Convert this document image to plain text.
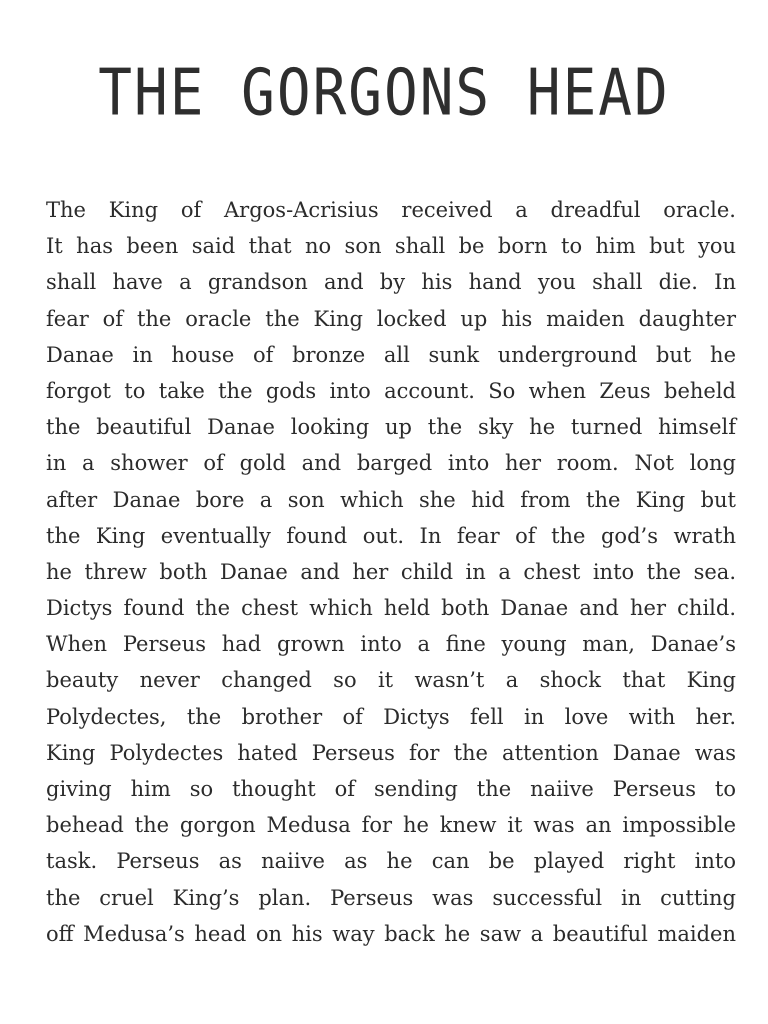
THE GORGONS HEAD
The King of Argos-Acrisius received a dreadful oracle.
It has been said that no son shall be born to him but you
shall have a grandson and by his hand you shall die. In
fear of the oracle the King locked up his maiden daughter
Danae in house of bronze all sunk underground but he
forgot to take the gods into account. So when Zeus beheld
the beautiful Danae looking up the sky he turned himself
in a shower of gold and barged into her room. Not long
after Danae bore a son which she hid from the King but
the King eventually found out. In fear of the god’s wrath
he threw both Danae and her child in a chest into the sea.
Dictys found the chest which held both Danae and her child.
When Perseus had grown into a fine young man, Danae’s
beauty never changed so it wasn’t a shock that King
Polydectes, the brother of Dictys fell in love with her.
King Polydectes hated Perseus for the attention Danae was
giving him so thought of sending the naiive Perseus to
behead the gorgon Medusa for he knew it was an impossible
task. Perseus as naiive as he can be played right into
the cruel King’s plan. Perseus was successful in cutting
off Medusa’s head on his way back he saw a beautiful maiden
